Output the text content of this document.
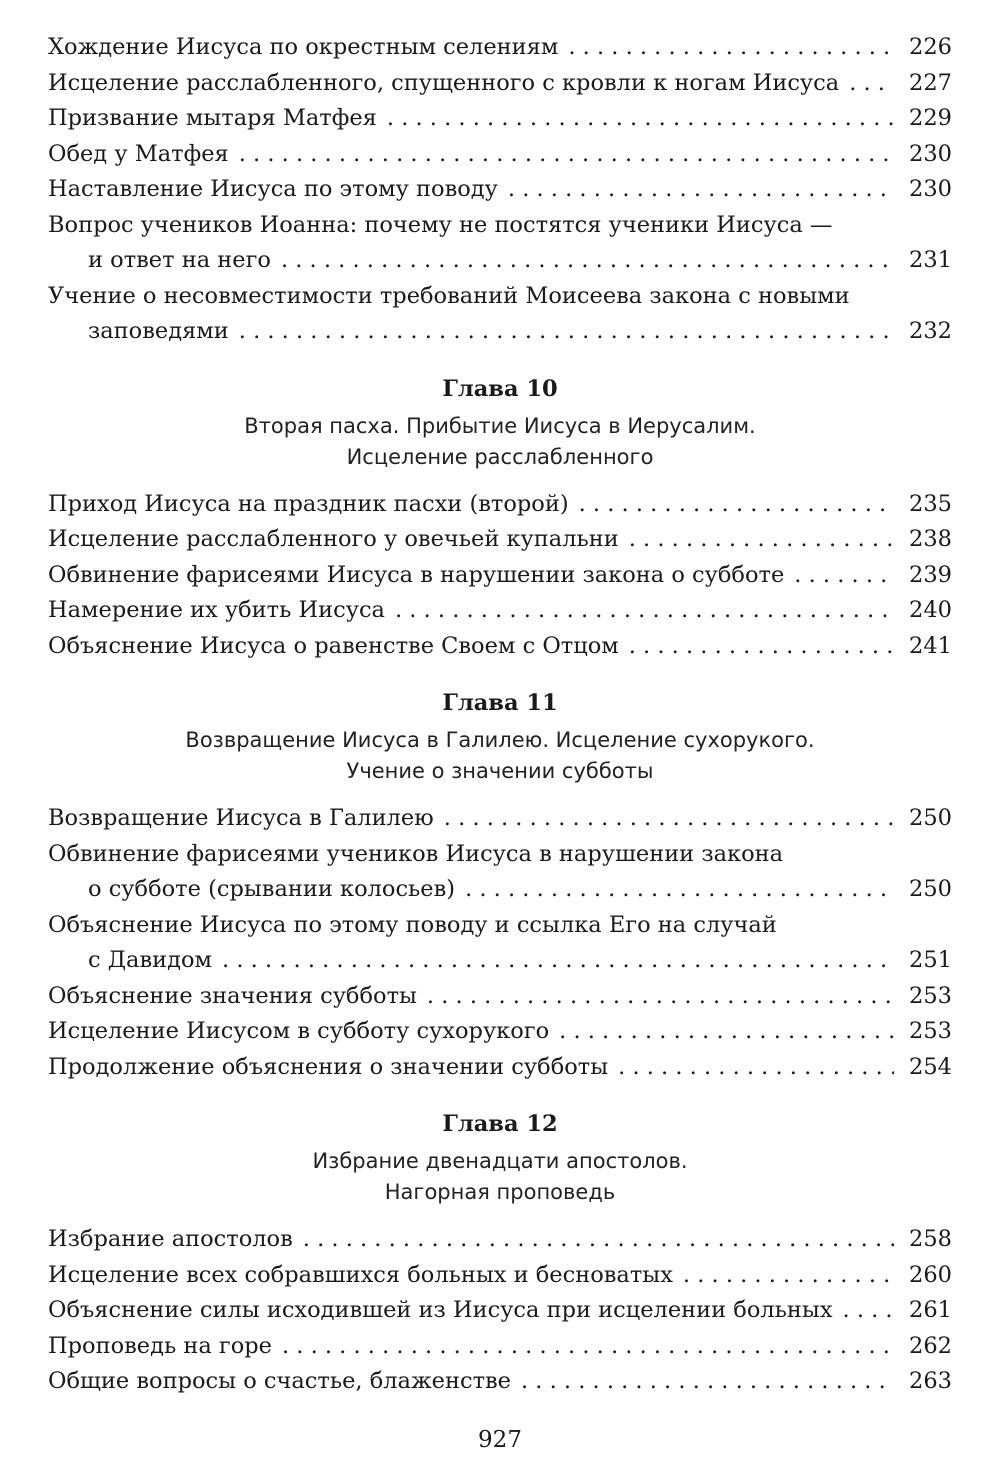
Хождение Иисуса по окрестным селениям . . .	226
Исцеление расслабленного, спущенного с кровли к ногам Иисуса . . .	227
Призвание мытаря Матфея . . .	229
Обед у Матфея . . .	230
Наставление Иисуса по этому поводу . . .	230
Вопрос учеников Иоанна: почему не постятся ученики Иисуса —
и ответ на него . . .	231
Учение о несовместимости требований Моисеева закона с новыми
заповедями . . .	232
Глава 10
Вторая пасха. Прибытие Иисуса в Иерусалим.
Исцеление расслабленного
Приход Иисуса на праздник пасхи (второй) . . .	235
Исцеление расслабленного у овечьей купальни . . .	238
Обвинение фарисеями Иисуса в нарушении закона о субботе . . .	239
Намерение их убить Иисуса . . .	240
Объяснение Иисуса о равенстве Своем с Отцом . . .	241
Глава 11
Возвращение Иисуса в Галилею. Исцеление сухорукого.
Учение о значении субботы
Возвращение Иисуса в Галилею . . .	250
Обвинение фарисеями учеников Иисуса в нарушении закона
о субботе (срывании колосьев) . . .	250
Объяснение Иисуса по этому поводу и ссылка Его на случай
с Давидом . . .	251
Объяснение значения субботы . . .	253
Исцеление Иисусом в субботу сухорукого . . .	253
Продолжение объяснения о значении субботы . . .	254
Глава 12
Избрание двенадцати апостолов.
Нагорная проповедь
Избрание апостолов . . .	258
Исцеление всех собравшихся больных и бесноватых . . .	260
Объяснение силы исходившей из Иисуса при исцелении больных . . .	261
Проповедь на горе . . .	262
Общие вопросы о счастье, блаженстве . . .	263
927
